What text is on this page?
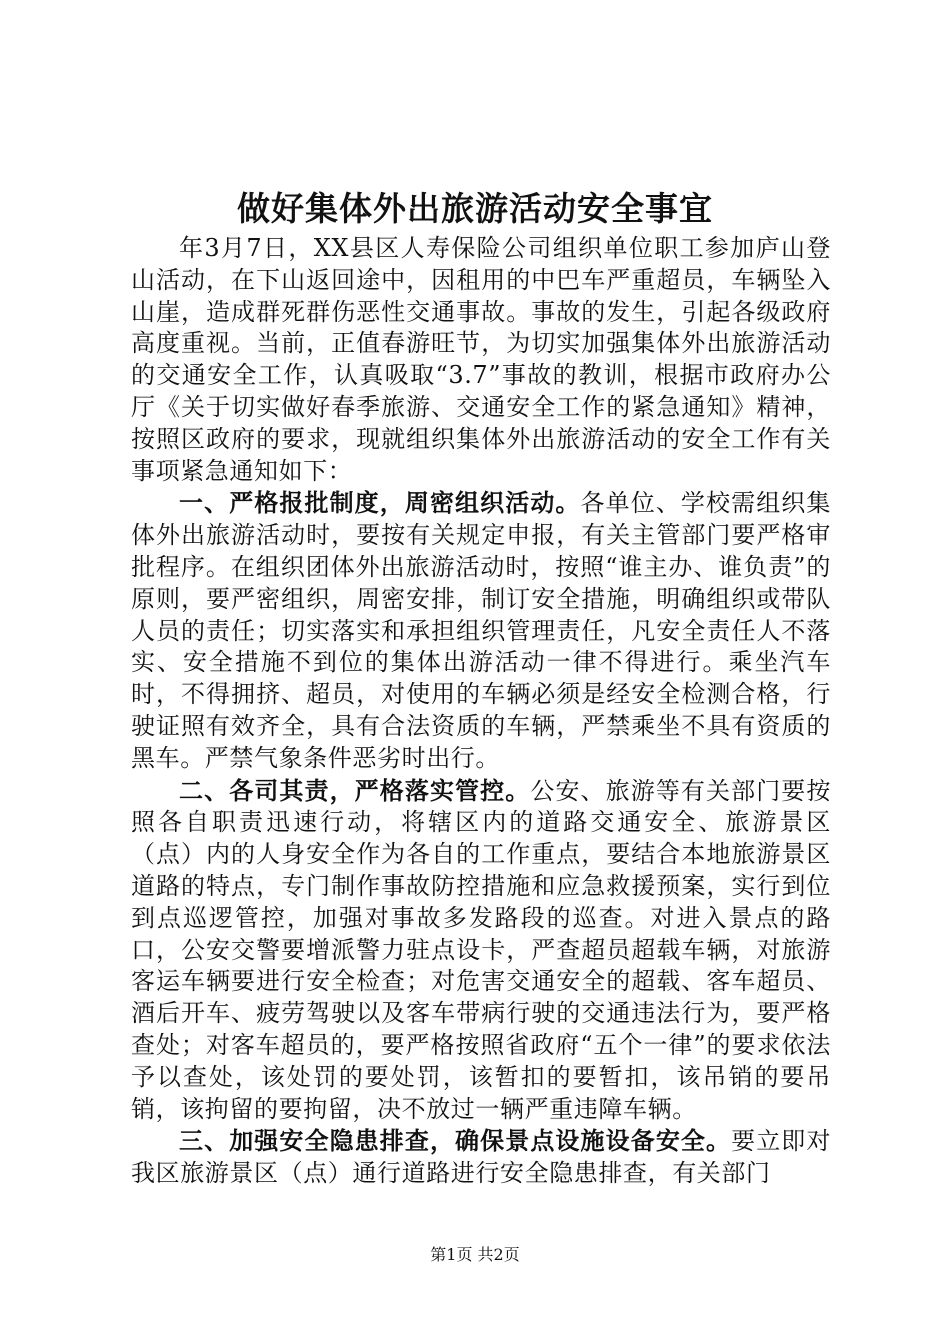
做好集体外出旅游活动安全事宜

年3月7日，XX县区人寿保险公司组织单位职工参加庐山登山活动，在下山返回途中，因租用的中巴车严重超员，车辆坠入山崖，造成群死群伤恶性交通事故。事故的发生，引起各级政府高度重视。当前，正值春游旺节，为切实加强集体外出旅游活动的交通安全工作，认真吸取“3.7”事故的教训，根据市政府办公厅《关于切实做好春季旅游、交通安全工作的紧急通知》精神，按照区政府的要求，现就组织集体外出旅游活动的安全工作有关事项紧急通知如下：

一、严格报批制度，周密组织活动。各单位、学校需组织集体外出旅游活动时，要按有关规定申报，有关主管部门要严格审批程序。在组织团体外出旅游活动时，按照“谁主办、谁负责”的原则，要严密组织，周密安排，制订安全措施，明确组织或带队人员的责任；切实落实和承担组织管理责任，凡安全责任人不落实、安全措施不到位的集体出游活动一律不得进行。乘坐汽车时，不得拥挤、超员，对使用的车辆必须是经安全检测合格，行驶证照有效齐全，具有合法资质的车辆，严禁乘坐不具有资质的黑车。严禁气象条件恶劣时出行。

二、各司其责，严格落实管控。公安、旅游等有关部门要按照各自职责迅速行动，将辖区内的道路交通安全、旅游景区（点）内的人身安全作为各自的工作重点，要结合本地旅游景区道路的特点，专门制作事故防控措施和应急救援预案，实行到位到点巡逻管控，加强对事故多发路段的巡查。对进入景点的路口，公安交警要增派警力驻点设卡，严查超员超载车辆，对旅游客运车辆要进行安全检查；对危害交通安全的超载、客车超员、酒后开车、疲劳驾驶以及客车带病行驶的交通违法行为，要严格查处；对客车超员的，要严格按照省政府“五个一律”的要求依法予以查处，该处罚的要处罚，该暂扣的要暂扣，该吊销的要吊销，该拘留的要拘留，决不放过一辆严重违障车辆。

三、加强安全隐患排查，确保景点设施设备安全。要立即对我区旅游景区（点）通行道路进行安全隐患排查，有关部门

第1页 共2页
